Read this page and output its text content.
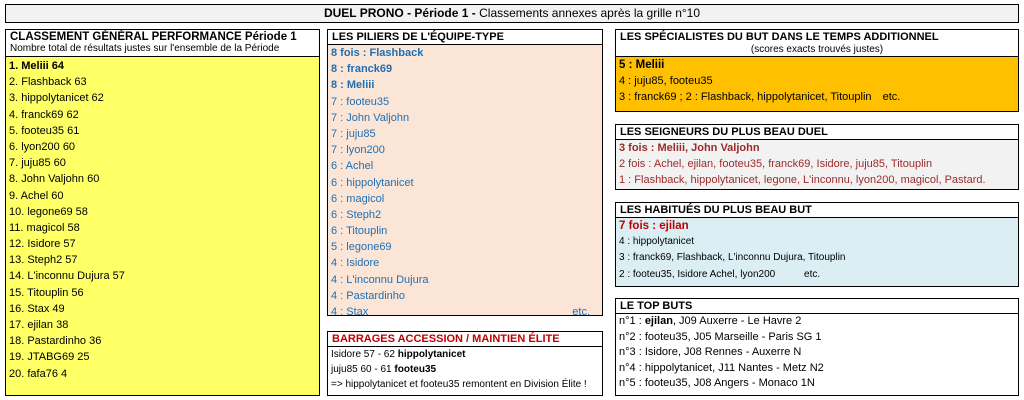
DUEL PRONO - Période 1 - Classements annexes après la grille n°10
CLASSEMENT GÉNÉRAL PERFORMANCE Période 1
Nombre total de résultats justes sur l'ensemble de la Période
1. Meliii 64
2. Flashback 63
3. hippolytanicet 62
4. franck69 62
5. footeu35 61
6. lyon200 60
7. juju85 60
8. John Valjohn 60
9. Achel 60
10. legone69 58
11. magicol 58
12. Isidore 57
13. Steph2 57
14. L'inconnu Dujura 57
15. Titouplin 56
16. Stax 49
17. ejilan 38
18. Pastardinho 36
19. JTABG69 25
20. fafa76 4
LES PILIERS DE L'ÉQUIPE-TYPE
8 fois : Flashback
8 : franck69
8 : Meliii
7 : footeu35
7 : John Valjohn
7 : juju85
7 : lyon200
6 : Achel
6 : hippolytanicet
6 : magicol
6 : Steph2
6 : Titouplin
5 : legone69
4 : Isidore
4 : L'inconnu Dujura
4 : Pastardinho
4 : Stax	etc.
BARRAGES ACCESSION / MAINTIEN ÉLITE
Isidore 57 - 62 hippolytanicet
juju85 60 - 61 footeu35
=> hippolytanicet et footeu35 remontent en Division Élite !
LES SPÉCIALISTES DU BUT DANS LE TEMPS ADDITIONNEL
(scores exacts trouvés justes)
5 : Meliii
4 : juju85, footeu35
3 : franck69 ; 2 : Flashback, hippolytanicet, Titouplin etc.
LES SEIGNEURS DU PLUS BEAU DUEL
3 fois : Meliii, John Valjohn
2 fois : Achel, ejilan, footeu35, franck69, Isidore, juju85, Titouplin
1 : Flashback, hippolytanicet, legone, L'inconnu, lyon200, magicol, Pastard.
LES HABITUÉS DU PLUS BEAU BUT
7 fois : ejilan
4 : hippolytanicet
3 : franck69, Flashback, L'inconnu Dujura, Titouplin
2 : footeu35, Isidore Achel, lyon200	etc.
LE TOP BUTS
n°1 : ejilan, J09 Auxerre - Le Havre 2
n°2 : footeu35, J05 Marseille - Paris SG 1
n°3 : Isidore, J08 Rennes - Auxerre N
n°4 : hippolytanicet, J11 Nantes - Metz N2
n°5 : footeu35, J08 Angers - Monaco 1N
